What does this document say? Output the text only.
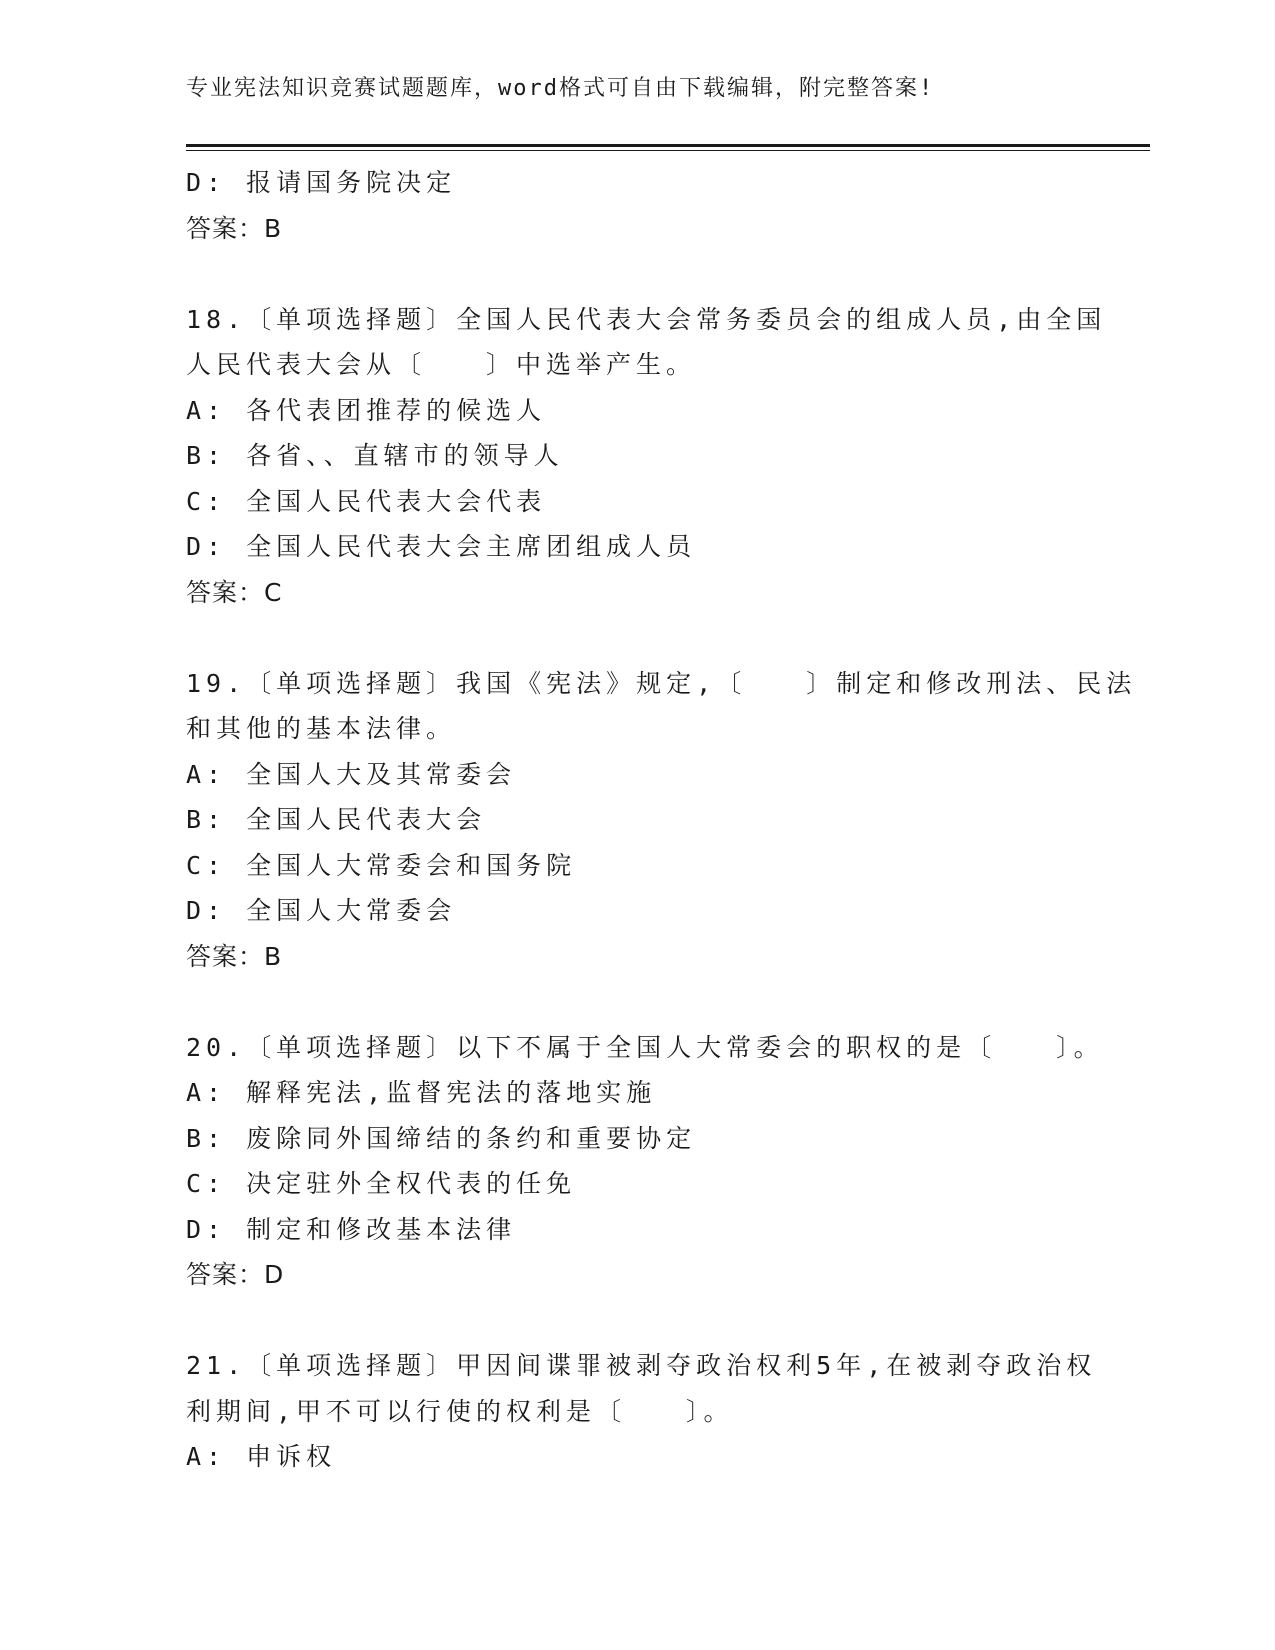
专业宪法知识竞赛试题题库，word格式可自由下载编辑，附完整答案!
D: 报请国务院决定
答案：B
18.〔单项选择题〕全国人民代表大会常务委员会的组成人员,由全国
人民代表大会从〔　　〕中选举产生。
A: 各代表团推荐的候选人
B: 各省、、直辖市的领导人
C: 全国人民代表大会代表
D: 全国人民代表大会主席团组成人员
答案：C
19.〔单项选择题〕我国《宪法》规定,〔　　〕制定和修改刑法、民法
和其他的基本法律。
A: 全国人大及其常委会
B: 全国人民代表大会
C: 全国人大常委会和国务院
D: 全国人大常委会
答案：B
20.〔单项选择题〕以下不属于全国人大常委会的职权的是〔　　〕。
A: 解释宪法,监督宪法的落地实施
B: 废除同外国缔结的条约和重要协定
C: 决定驻外全权代表的任免
D: 制定和修改基本法律
答案：D
21.〔单项选择题〕甲因间谍罪被剥夺政治权利5年,在被剥夺政治权
利期间,甲不可以行使的权利是〔　　〕。
A: 申诉权
